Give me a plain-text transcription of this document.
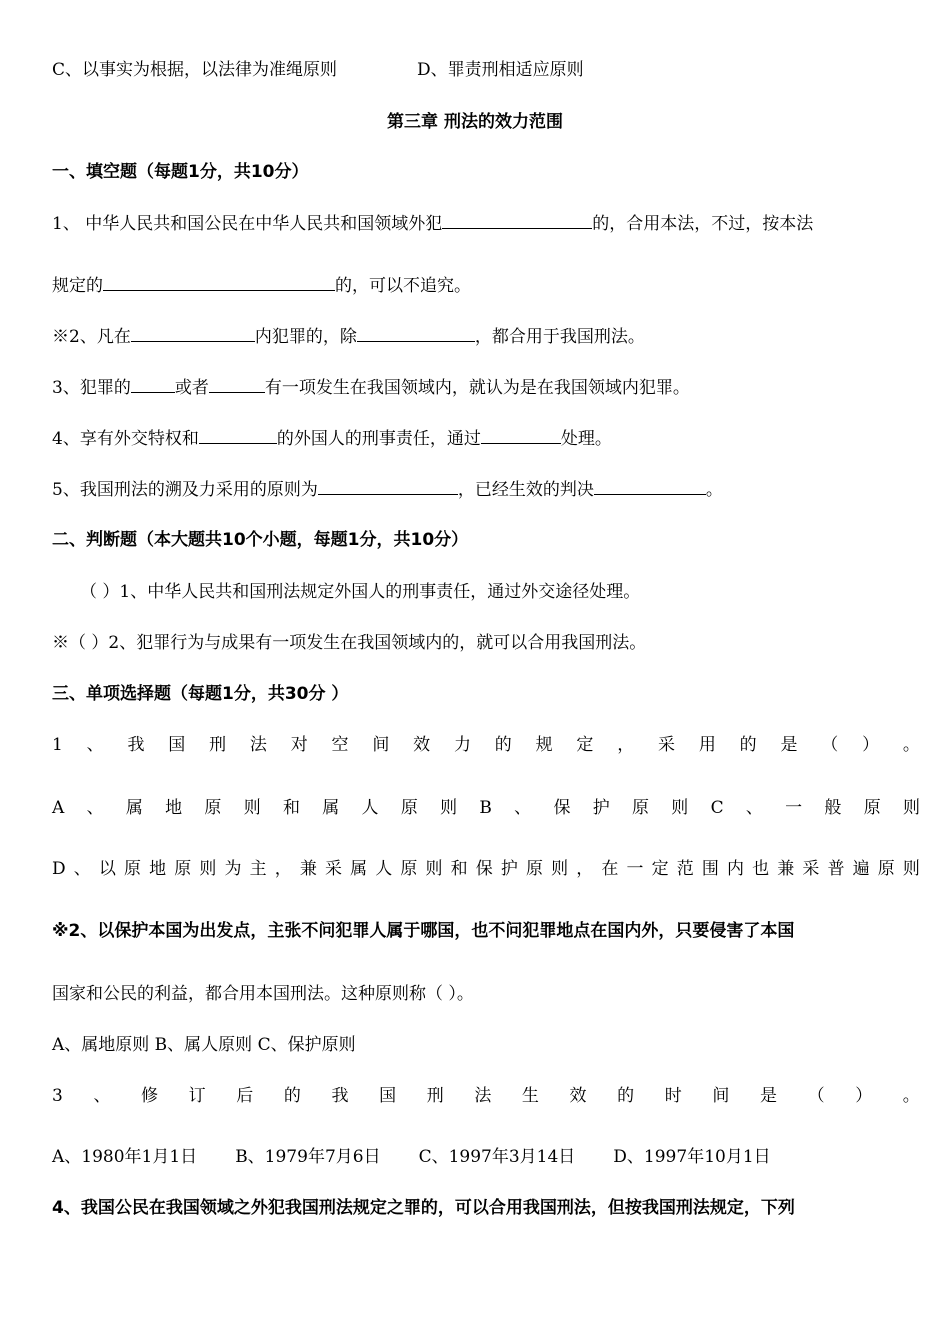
C、以事实为根据，以法律为准绳原则	D、罪责刑相适应原则
第三章 刑法的效力范围
一、填空题（每题1分，共10分）
1、 中华人民共和国公民在中华人民共和国领域外犯	的，合用本法，不过，按本法
规定的	的，可以不追究。
※2、凡在	内犯罪的，除	，都合用于我国刑法。
3、犯罪的	或者	有一项发生在我国领域内，就认为是在我国领域内犯罪。
4、享有外交特权和	的外国人的刑事责任，通过	处理。
5、我国刑法的溯及力采用的原则为	，已经生效的判决	。
二、判断题（本大题共10个小题，每题1分，共10分）
（ ）1、中华人民共和国刑法规定外国人的刑事责任，通过外交途径处理。
※（ ）2、犯罪行为与成果有一项发生在我国领域内的，就可以合用我国刑法。
三、单项选择题（每题1分，共30分 ）
1 、 我 国 刑 法 对 空 间 效 力 的 规 定 ， 采 用 的 是 （ ） 。
A 、 属 地 原 则 和 属 人 原 则 B 、 保 护 原 则 C 、 一 般 原 则
D 、 以 原 地 原 则 为 主 ， 兼 采 属 人 原 则 和 保 护 原 则 ， 在 一 定 范 围 内 也 兼 采 普 遍 原 则
※2、以保护本国为出发点，主张不问犯罪人属于哪国，也不问犯罪地点在国内外，只要侵害了本国
国家和公民的利益，都合用本国刑法。这种原则称（ ）。
A、属地原则 B、属人原则 C、保护原则
3 、 修 订 后 的 我 国 刑 法 生 效 的 时 间 是 （ ） 。
A、1980年1月1日 B、1979年7月6日 C、1997年3月14日 D、1997年10月1日
4、我国公民在我国领域之外犯我国刑法规定之罪的，可以合用我国刑法，但按我国刑法规定，下列
